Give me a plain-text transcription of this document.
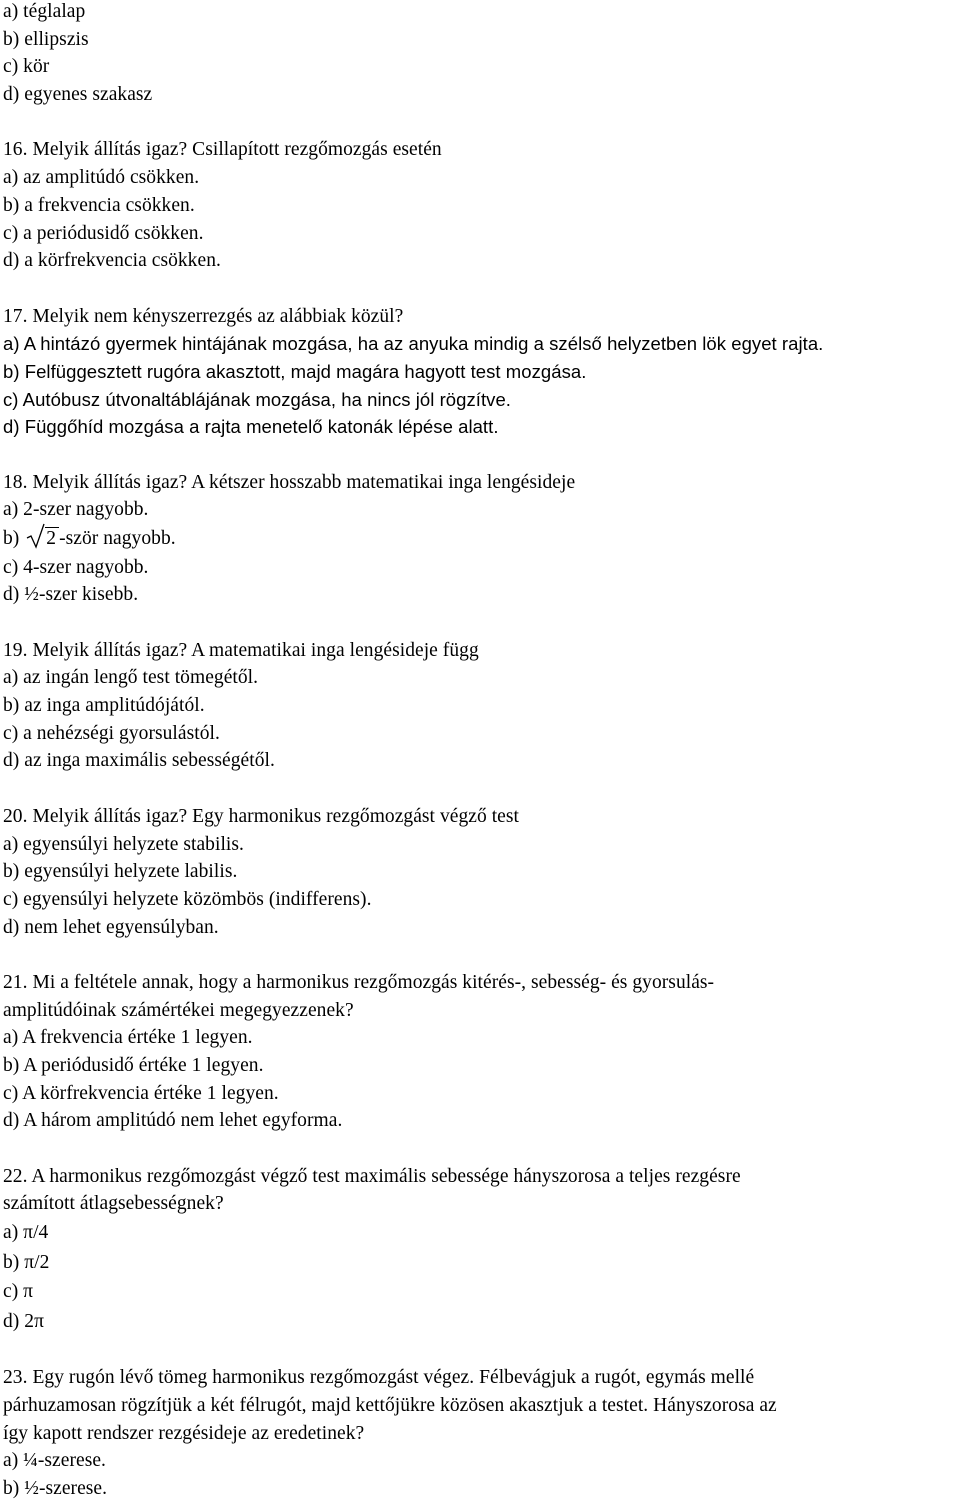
a) téglalap
b) ellipszis
c) kör
d) egyenes szakasz
16. Melyik állítás igaz? Csillapított rezgőmozgás esetén
a) az amplitúdó csökken.
b) a frekvencia csökken.
c) a periódusidő csökken.
d) a körfrekvencia csökken.
17. Melyik nem kényszerrezgés az alábbiak közül?
a) A hintázó gyermek hintájának mozgása, ha az anyuka mindig a szélső helyzetben lök egyet rajta.
b) Felfüggesztett rugóra akasztott, majd magára hagyott test mozgása.
c) Autóbusz útvonaltáblájának mozgása, ha nincs jól rögzítve.
d) Függőhíd mozgása a rajta menetelő katonák lépése alatt.
18. Melyik állítás igaz? A kétszer hosszabb matematikai inga lengésideje
a) 2-szer nagyobb.
b) 2 -ször nagyobb.
c) 4-szer nagyobb.
d) ½-szer kisebb.
19. Melyik állítás igaz? A matematikai inga lengésideje függ
a) az ingán lengő test tömegétől.
b) az inga amplitúdójától.
c) a nehézségi gyorsulástól.
d) az inga maximális sebességétől.
20. Melyik állítás igaz? Egy harmonikus rezgőmozgást végző test
a) egyensúlyi helyzete stabilis.
b) egyensúlyi helyzete labilis.
c) egyensúlyi helyzete közömbös (indifferens).
d) nem lehet egyensúlyban.
21. Mi a feltétele annak, hogy a harmonikus rezgőmozgás kitérés-, sebesség- és gyorsulás-
amplitúdóinak számértékei megegyezzenek?
a) A frekvencia értéke 1 legyen.
b) A periódusidő értéke 1 legyen.
c) A körfrekvencia értéke 1 legyen.
d) A három amplitúdó nem lehet egyforma.
22. A harmonikus rezgőmozgást végző test maximális sebessége hányszorosa a teljes rezgésre
számított átlagsebességnek?
a) π/4
b) π/2
c) π
d) 2π
23. Egy rugón lévő tömeg harmonikus rezgőmozgást végez. Félbevágjuk a rugót, egymás mellé
párhuzamosan rögzítjük a két félrugót, majd kettőjükre közösen akasztjuk a testet. Hányszorosa az
így kapott rendszer rezgésideje az eredetinek?
a) ¼-szerese.
b) ½-szerese.
